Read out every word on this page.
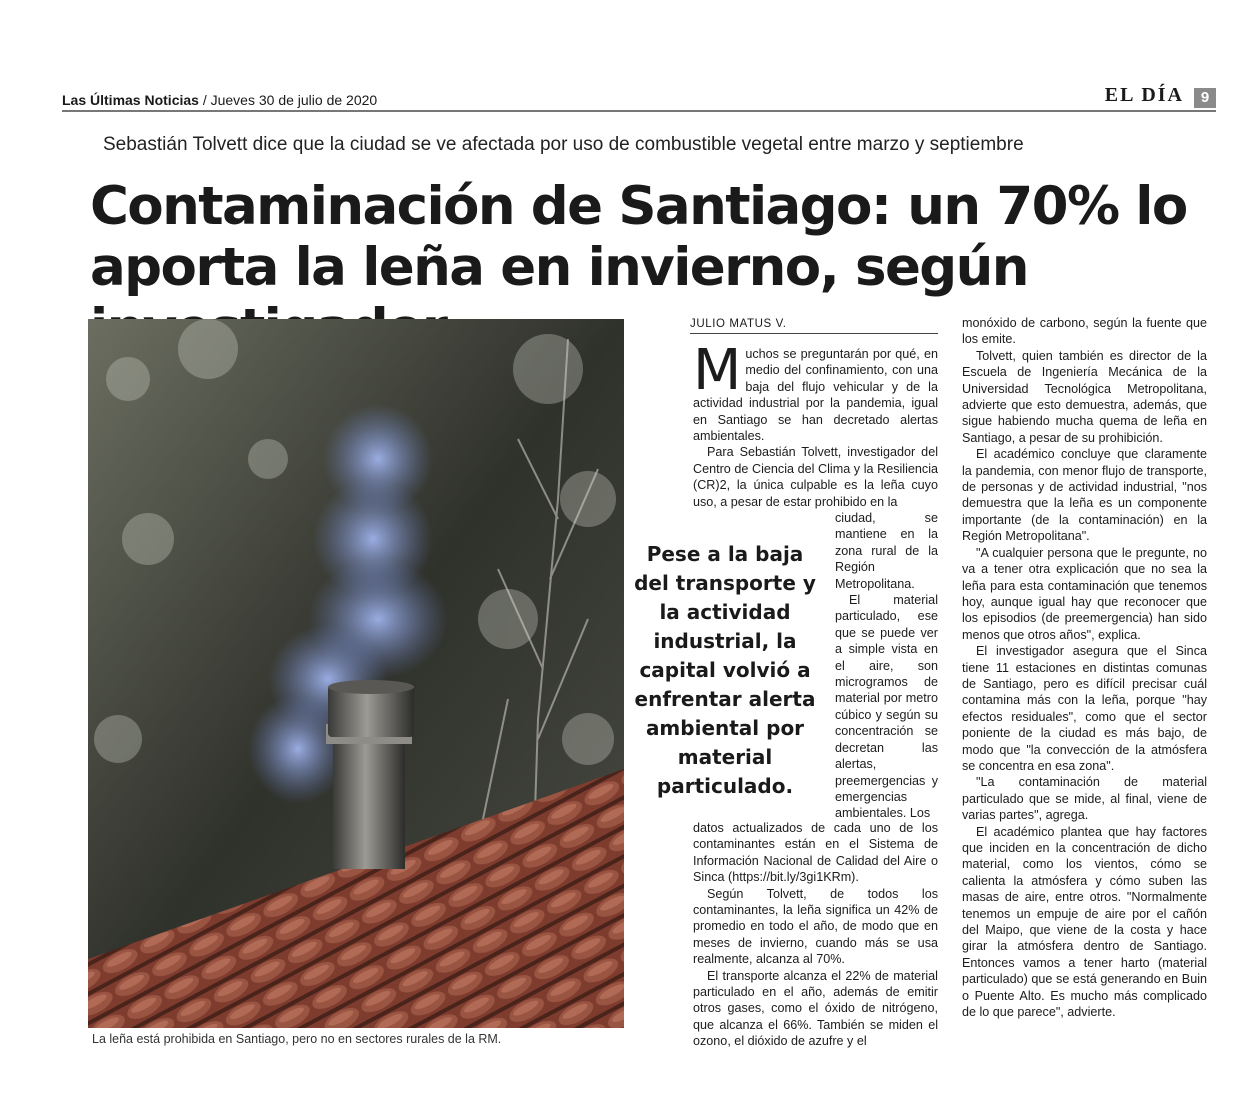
Las Últimas Noticias / Jueves 30 de julio de 2020	EL DÍA	9
Sebastián Tolvett dice que la ciudad se ve afectada por uso de combustible vegetal entre marzo y septiembre
Contaminación de Santiago: un 70% lo aporta la leña en invierno, según
La leña está prohibida en Santiago, pero no en sectores rurales de la RM.
JULIO MATUS V.
M uchos se preguntarán por qué, en medio del confinamiento, con una baja del flujo vehicular y de la actividad industrial por la pandemia, igual en Santiago se han decretado alertas ambientales.

Para Sebastián Tolvett, investigador del Centro de Ciencia del Clima y la Resiliencia (CR)2, la única culpable es la leña cuyo uso, a pesar de estar prohibido en la

Pese a la baja del transporte y la actividad industrial, la capital volvió a enfrentar alerta ambiental por material particulado.

ciudad, se mantiene en la zona rural de la Región Metropolitana.

El material particulado, ese que se puede ver a simple vista en el aire, son microgramos de material por metro cúbico y según su concentración se decretan las alertas, preemergencias y emergencias ambientales. Los

datos actualizados de cada uno de los contaminantes están en el Sistema de Información Nacional de Calidad del Aire o Sinca (https://bit.ly/3gi1KRm).

Según Tolvett, de todos los contaminantes, la leña significa un 42% de promedio en todo el año, de modo que en meses de invierno, cuando más se usa realmente, alcanza al 70%.

El transporte alcanza el 22% de material particulado en el año, además de emitir otros gases, como el óxido de nitrógeno, que alcanza el 66%. También se miden el ozono, el dióxido de azufre y el

monóxido de carbono, según la fuente que los emite.

Tolvett, quien también es director de la Escuela de Ingeniería Mecánica de la Universidad Tecnológica Metropolitana, advierte que esto demuestra, además, que sigue habiendo mucha quema de leña en Santiago, a pesar de su prohibición.

El académico concluye que claramente la pandemia, con menor flujo de transporte, de personas y de actividad industrial, "nos demuestra que la leña es un componente importante (de la contaminación) en la Región Metropolitana".

"A cualquier persona que le pregunte, no va a tener otra explicación que no sea la leña para esta contaminación que tenemos hoy, aunque igual hay que reconocer que los episodios (de preemergencia) han sido menos que otros años", explica.

El investigador asegura que el Sinca tiene 11 estaciones en distintas comunas de Santiago, pero es difícil precisar cuál contamina más con la leña, porque "hay efectos residuales", como que el sector poniente de la ciudad es más bajo, de modo que "la convección de la atmósfera se concentra en esa zona".

"La contaminación de material particulado que se mide, al final, viene de varias partes", agrega.

El académico plantea que hay factores que inciden en la concentración de dicho material, como los vientos, cómo se calienta la atmósfera y cómo suben las masas de aire, entre otros. "Normalmente tenemos un empuje de aire por el cañón del Maipo, que viene de la costa y hace girar la atmósfera dentro de Santiago. Entonces vamos a tener harto (material particulado) que se está generando en Buin o Puente Alto. Es mucho más complicado de lo que parece", advierte.
